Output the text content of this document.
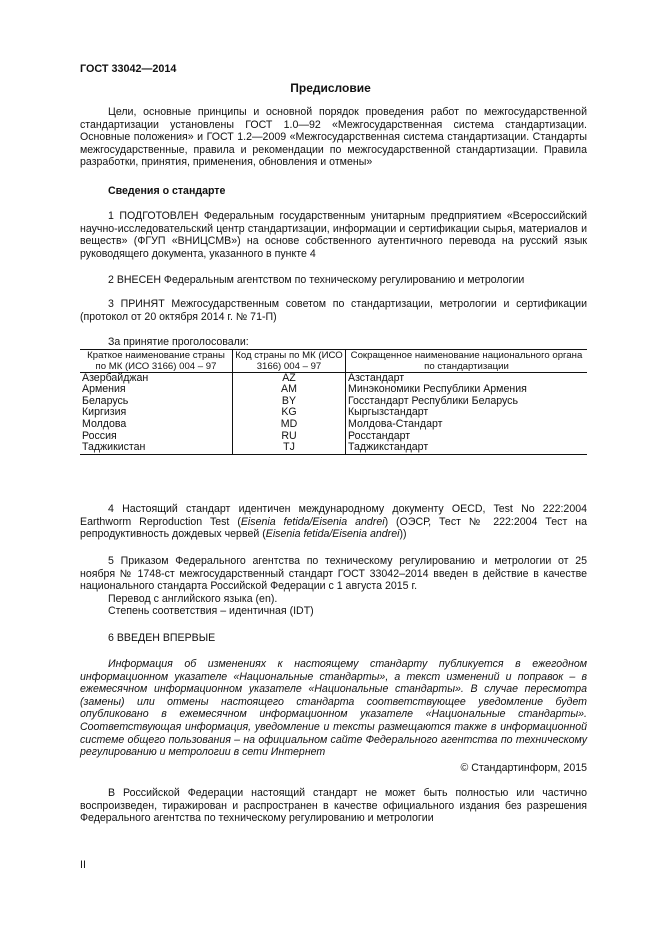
ГОСТ 33042—2014
Предисловие

Цели, основные принципы и основной порядок проведения работ по межгосударственной стандартизации установлены ГОСТ 1.0—92 «Межгосударственная система стандартизации. Основные положения» и ГОСТ 1.2—2009 «Межгосударственная система стандартизации. Стандарты межгосударственные, правила и рекомендации по межгосударственной стандартизации. Правила разработки, принятия, применения, обновления и отмены»

Сведения о стандарте

1 ПОДГОТОВЛЕН Федеральным государственным унитарным предприятием «Всероссийский научно-исследовательский центр стандартизации, информации и сертификации сырья, материалов и веществ» (ФГУП «ВНИЦСМВ») на основе собственного аутентичного перевода на русский язык руководящего документа, указанного в пункте 4

2 ВНЕСЕН Федеральным агентством по техническому регулированию и метрологии

3 ПРИНЯТ Межгосударственным советом по стандартизации, метрологии и сертификации (протокол от 20 октября 2014 г. № 71-П)

За принятие проголосовали:

Краткое наименование страны по МК (ИСО 3166) 004 – 97	Код страны по МК (ИСО 3166) 004 – 97	Сокращенное наименование национального органа по стандартизации
Азербайджан	AZ	Азстандарт
Армения	AM	Минэкономики Республики Армения
Беларусь	BY	Госстандарт Республики Беларусь
Киргизия	KG	Кыргызстандарт
Молдова	MD	Молдова-Стандарт
Россия	RU	Росстандарт
Таджикистан	TJ	Таджикстандарт

4 Настоящий стандарт идентичен международному документу OECD, Test No 222:2004 Earthworm Reproduction Test (Eisenia fetida/Eisenia andrei) (ОЭСР, Тест № 222:2004 Тест на репродуктивность дождевых червей (Eisenia fetida/Eisenia andrei))

5 Приказом Федерального агентства по техническому регулированию и метрологии от 25 ноября № 1748-ст межгосударственный стандарт ГОСТ 33042–2014 введен в действие в качестве национального стандарта Российской Федерации с 1 августа 2015 г.

Перевод с английского языка (en).

Степень соответствия – идентичная (IDT)

6 ВВЕДЕН ВПЕРВЫЕ

Информация об изменениях к настоящему стандарту публикуется в ежегодном информационном указателе «Национальные стандарты», а текст изменений и поправок – в ежемесячном информационном указателе «Национальные стандарты». В случае пересмотра (замены) или отмены настоящего стандарта соответствующее уведомление будет опубликовано в ежемесячном информационном указателе «Национальные стандарты». Соответствующая информация, уведомление и тексты размещаются также в информационной системе общего пользования – на официальном сайте Федерального агентства по техническому регулированию и метрологии в сети Интернет

© Стандартинформ, 2015

В Российской Федерации настоящий стандарт не может быть полностью или частично воспроизведен, тиражирован и распространен в качестве официального издания без разрешения Федерального агентства по техническому регулированию и метрологии

II
